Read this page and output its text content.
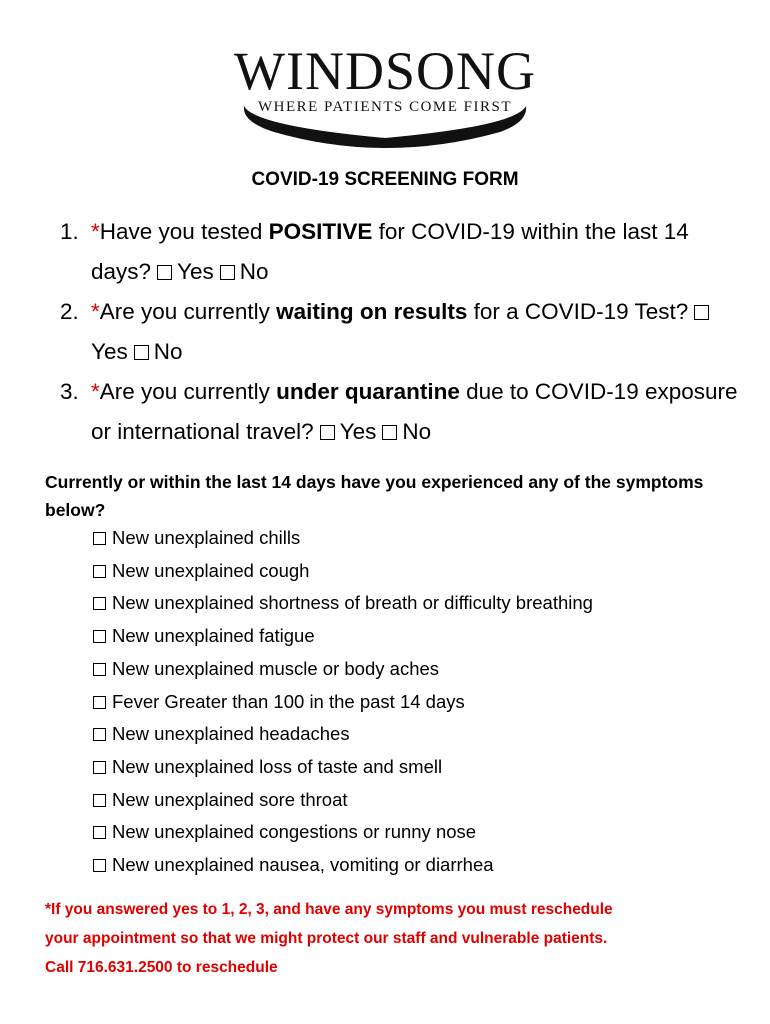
WINDSONG
WHERE PATIENTS COME FIRST
COVID-19 SCREENING FORM
1. *Have you tested POSITIVE for COVID-19 within the last 14 days? Yes No
2. *Are you currently waiting on results for a COVID-19 Test?Yes No
3. *Are you currently under quarantine due to COVID-19 exposure or international travel? Yes No
Currently or within the last 14 days have you experienced any of the symptoms below?
New unexplained chills
New unexplained cough
New unexplained shortness of breath or difficulty breathing
New unexplained fatigue
New unexplained muscle or body aches
Fever Greater than 100 in the past 14 days
New unexplained headaches
New unexplained loss of taste and smell
New unexplained sore throat
New unexplained congestions or runny nose
New unexplained nausea, vomiting or diarrhea
*If you answered yes to 1, 2, 3, and have any symptoms you must reschedule
your appointment so that we might protect our staff and vulnerable patients.
Call 716.631.2500 to reschedule
